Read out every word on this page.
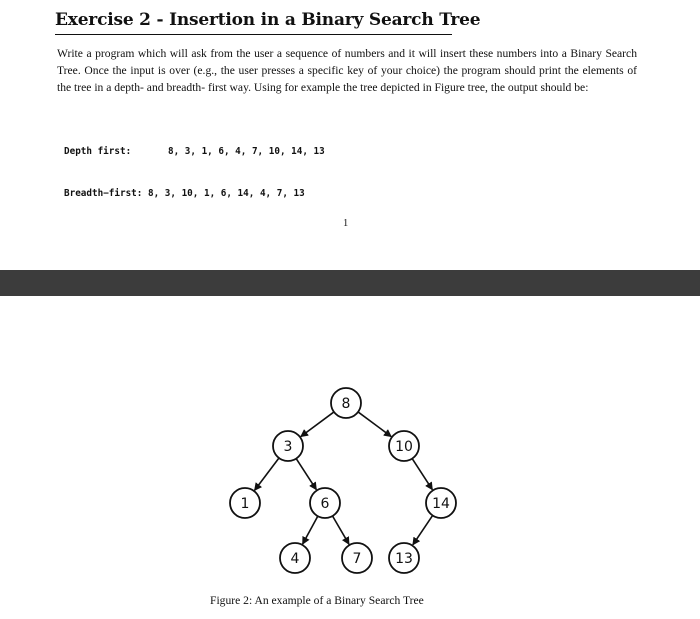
Exercise 2 - Insertion in a Binary Search Tree

Write a program which will ask from the user a sequence of numbers and it will insert these numbers into a Binary Search Tree. Once the input is over (e.g., the user presses a specific key of your choice) the program should print the elements of the tree in a depth- and breadth- first way. Using for example the tree depicted in Figure tree, the output should be:

Depth first:	8, 3, 1, 6, 4, 7, 10, 14, 13

Breadth−first: 8, 3, 10, 1, 6, 14, 4, 7, 13

1
8
3	10
1	6	14
4	7 13
Figure 2: An example of a Binary Search Tree
